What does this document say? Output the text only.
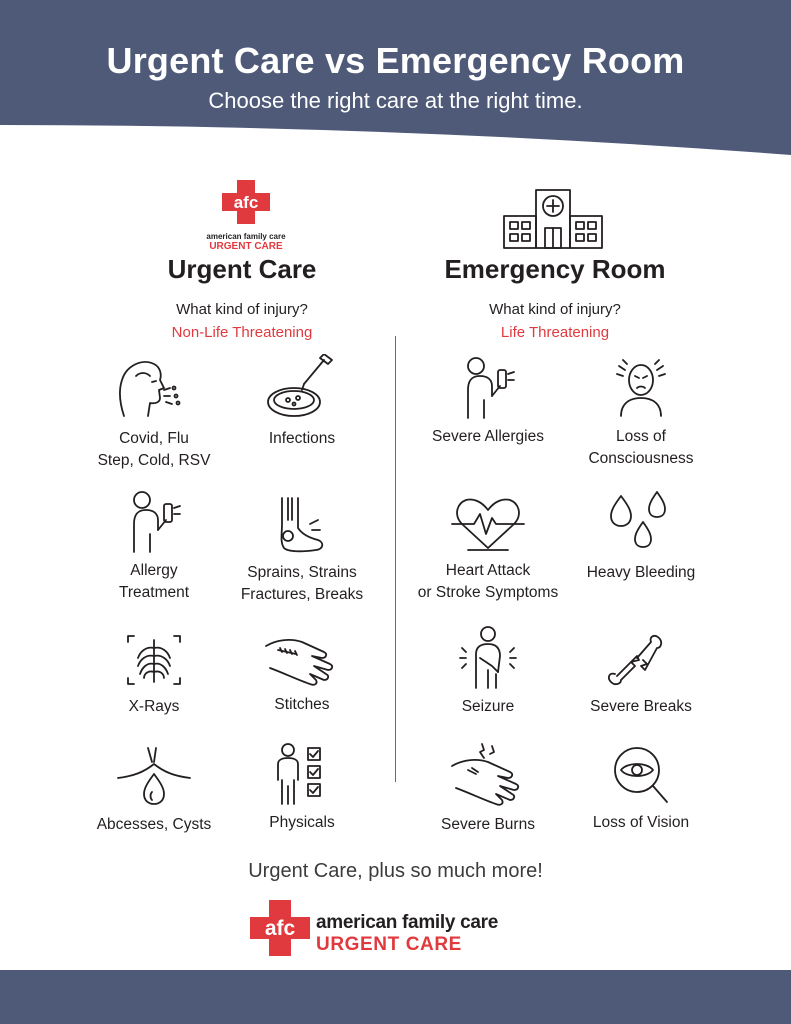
Urgent Care vs Emergency Room
Choose the right care at the right time.
afc
american family care
URGENT CARE
Urgent Care
What kind of injury?
Non-Life Threatening
Emergency Room
What kind of injury?
Life Threatening
Covid, Flu
Step, Cold, RSV
Infections
Allergy
Treatment
Sprains, Strains
Fractures, Breaks
X-Rays	Stitches
Abcesses, Cysts	Physicals
Severe Allergies	Loss of
Consciousness
Heart Attack
or Stroke Symptoms
Heavy Bleeding
Seizure	Severe Breaks
Severe Burns	Loss of Vision
Urgent Care, plus so much more!
afc american family care
URGENT CARE
